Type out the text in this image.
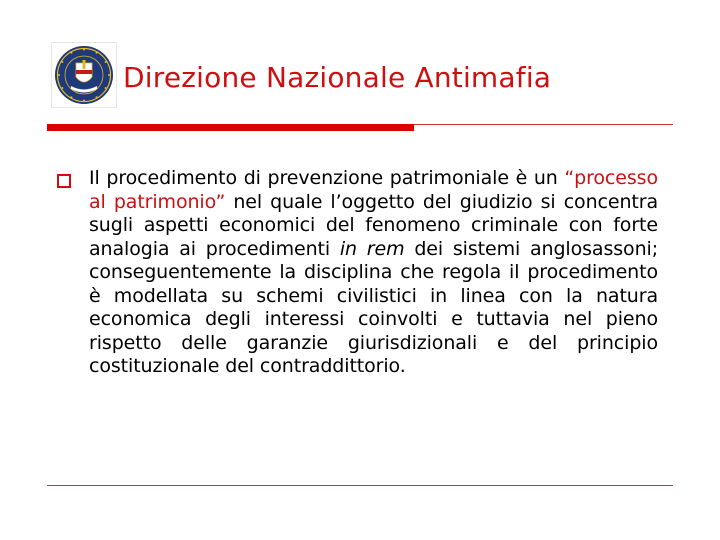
Direzione Nazionale Antimafia
Il procedimento di prevenzione patrimoniale è un “processo al patrimonio” nel quale l’oggetto del giudizio si concentra sugli aspetti economici del fenomeno criminale con forte analogia ai procedimenti in rem dei sistemi anglosassoni; conseguentemente la disciplina che regola il procedimento è modellata su schemi civilistici in linea con la natura economica degli interessi coinvolti e tuttavia nel pieno rispetto delle garanzie giurisdizionali e del principio costituzionale del contraddittorio.
